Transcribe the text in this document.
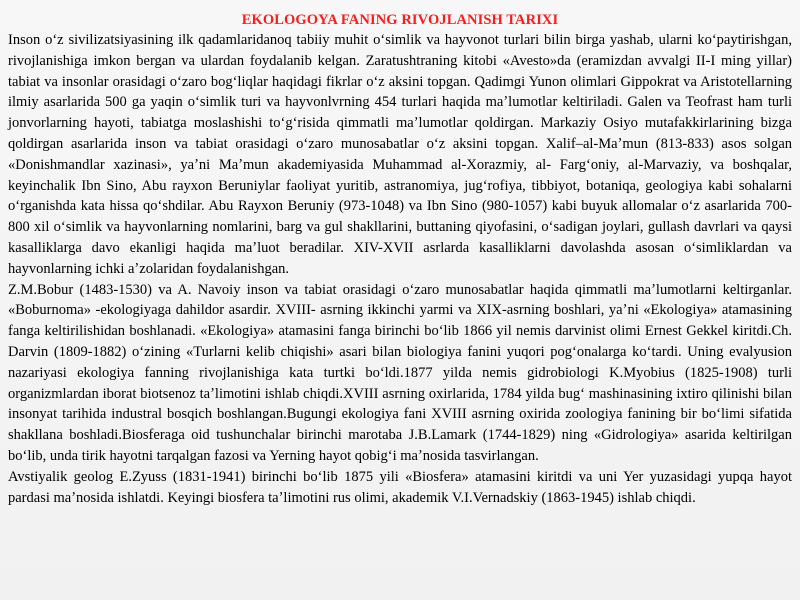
EKOLOGOYA FANING RIVOJLANISH TARIXI

Inson oʻz sivilizatsiyasining ilk qadamlaridanoq tabiiy muhit oʻsimlik va hayvonot turlari bilin birga yashab, ularni koʻpaytirishgan, rivojlanishiga imkon bergan va ulardan foydalanib kelgan. Zaratushtraning kitobi «Avesto»da (eramizdan avvalgi II-I ming yillar) tabiat va insonlar orasidagi oʻzaro bogʻliqlar haqidagi fikrlar oʻz aksini topgan. Qadimgi Yunon olimlari Gippokrat va Aristotellarning ilmiy asarlarida 500 ga yaqin oʻsimlik turi va hayvonlvrning 454 turlari haqida maʼlumotlar keltiriladi. Galen va Teofrast ham turli jonvorlarning hayoti, tabiatga moslashishi toʻgʻrisida qimmatli maʼlumotlar qoldirgan. Markaziy Osiyo mutafakkirlarining bizga qoldirgan asarlarida inson va tabiat orasidagi oʻzaro munosabatlar oʻz aksini topgan. Xalif–al-Maʼmun (813-833) asos solgan «Donishmandlar xazinasi», yaʼni Maʼmun akademiyasida Muhammad al-Xorazmiy, al- Fargʻoniy, al-Marvaziy, va boshqalar, keyinchalik Ibn Sino, Abu rayxon Beruniylar faoliyat yuritib, astranomiya, jugʻrofiya, tibbiyot, botaniqa, geologiya kabi sohalarni oʻrganishda kata hissa qoʻshdilar. Abu Rayxon Beruniy (973-1048) va Ibn Sino (980-1057) kabi buyuk allomalar oʻz asarlarida 700-800 xil oʻsimlik va hayvonlarning nomlarini, barg va gul shakllarini, buttaning qiyofasini, oʻsadigan joylari, gullash davrlari va qaysi kasalliklarga davo ekanligi haqida maʼluot beradilar. XIV-XVII asrlarda kasalliklarni davolashda asosan oʻsimliklardan va hayvonlarning ichki aʼzolaridan foydalanishgan.

Z.M.Bobur (1483-1530) va A. Navoiy inson va tabiat orasidagi oʻzaro munosabatlar haqida qimmatli maʼlumotlarni keltirganlar. «Boburnoma» -ekologiyaga dahildor asardir. XVIII- asrning ikkinchi yarmi va XIX-asrning boshlari, yaʼni «Ekologiya» atamasining fanga keltirilishidan boshlanadi. «Ekologiya» atamasini fanga birinchi boʻlib 1866 yil nemis darvinist olimi Ernest Gekkel kiritdi.Ch. Darvin (1809-1882) oʻzining «Turlarni kelib chiqishi» asari bilan biologiya fanini yuqori pogʻonalarga koʻtardi. Uning evalyusion nazariyasi ekologiya fanning rivojlanishiga kata turtki boʻldi.1877 yilda nemis gidrobiologi K.Myobius (1825-1908) turli organizmlardan iborat biotsenoz taʼlimotini ishlab chiqdi.XVIII asrning oxirlarida, 1784 yilda bugʻ mashinasining ixtiro qilinishi bilan insonyat tarihida industral bosqich boshlangan.Bugungi ekologiya fani XVIII asrning oxirida zoologiya fanining bir boʻlimi sifatida shakllana boshladi.Biosferaga oid tushunchalar birinchi marotaba J.B.Lamark (1744-1829) ning «Gidrologiya» asarida keltirilgan boʻlib, unda tirik hayotni tarqalgan fazosi va Yerning hayot qobigʻi maʼnosida tasvirlangan.

Avstiyalik geolog E.Zyuss (1831-1941) birinchi boʻlib 1875 yili «Biosfera» atamasini kiritdi va uni Yer yuzasidagi yupqa hayot pardasi maʼnosida ishlatdi. Keyingi biosfera taʼlimotini rus olimi, akademik V.I.Vernadskiy (1863-1945) ishlab chiqdi.
